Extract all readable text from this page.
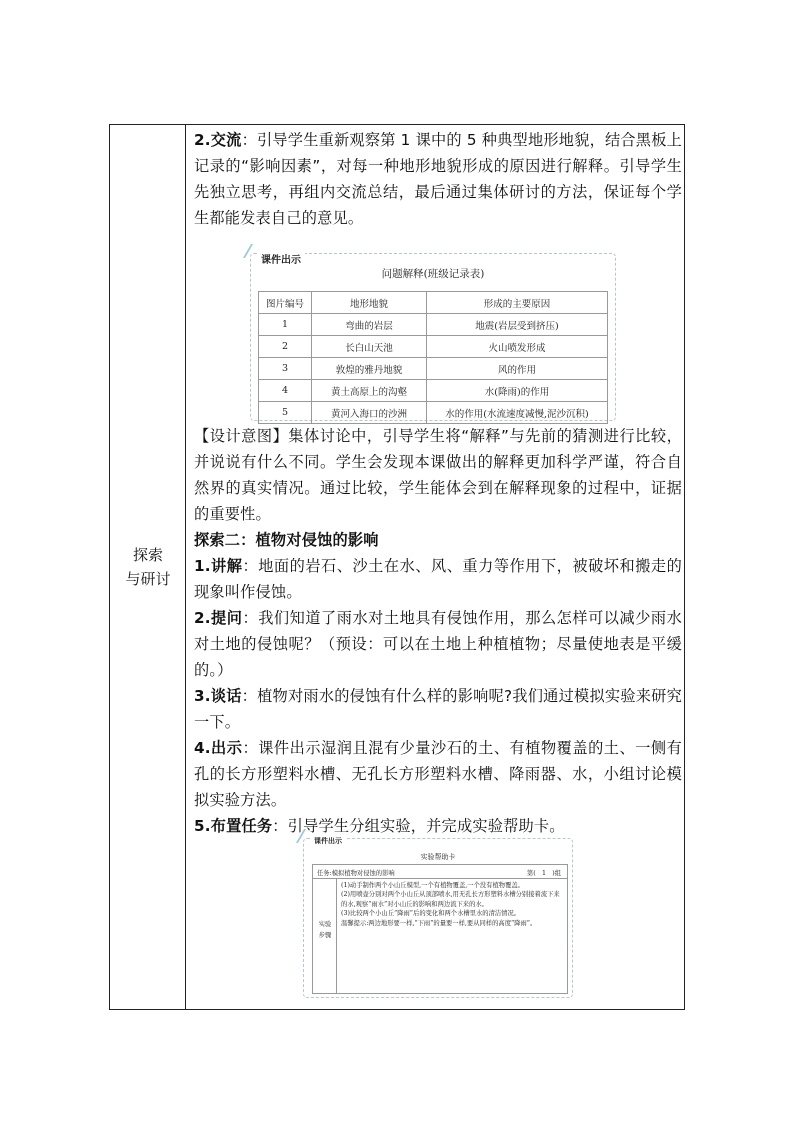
探索
与研讨

2.交流：引导学生重新观察第 1 课中的 5 种典型地形地貌，结合黑板上记录的“影响因素”，对每一种地形地貌形成的原因进行解释。引导学生先独立思考，再组内交流总结，最后通过集体研讨的方法，保证每个学生都能发表自己的意见。

【设计意图】集体讨论中，引导学生将“解释”与先前的猜测进行比较，并说说有什么不同。学生会发现本课做出的解释更加科学严谨，符合自然界的真实情况。通过比较，学生能体会到在解释现象的过程中，证据的重要性。

探索二：植物对侵蚀的影响

1.讲解：地面的岩石、沙土在水、风、重力等作用下，被破坏和搬走的现象叫作侵蚀。

2.提问：我们知道了雨水对土地具有侵蚀作用，那么怎样可以减少雨水对土地的侵蚀呢？（预设：可以在土地上种植植物；尽量使地表是平缓的。）

3.谈话：植物对雨水的侵蚀有什么样的影响呢?我们通过模拟实验来研究一下。

4.出示：课件出示湿润且混有少量沙石的土、有植物覆盖的土、一侧有孔的长方形塑料水槽、无孔长方形塑料水槽、降雨器、水，小组讨论模拟实验方法。

5.布置任务：引导学生分组实验，并完成实验帮助卡。

课件出示
问题解释(班级记录表)
图片编号	地形地貌	形成的主要原因
1	弯曲的岩层	地震(岩层受到挤压)
2	长白山天池	火山喷发形成
3	敦煌的雅丹地貌	风的作用
4	黄土高原上的沟壑	水(降雨)的作用
5	黄河入海口的沙洲	水的作用(水流速度减慢,泥沙沉积)
课件出示
实验帮助卡
任务:模拟植物对侵蚀的影响	第(　1　)组
实验
步骤

(1)动手制作两个小山丘模型,一个有植物覆盖,一个没有植物覆盖。

(2)用喷壶分别对两个小山丘从顶部喷水,用无孔长方形塑料水槽分别接着流下来的水,观察“雨水”对小山丘的影响和两边流下来的水。

(3)比较两个小山丘“降雨”后的变化和两个水槽里水的清洁情况。

温馨提示:两边地形要一样,“下雨”的量要一样,要从同样的高度“降雨”。
